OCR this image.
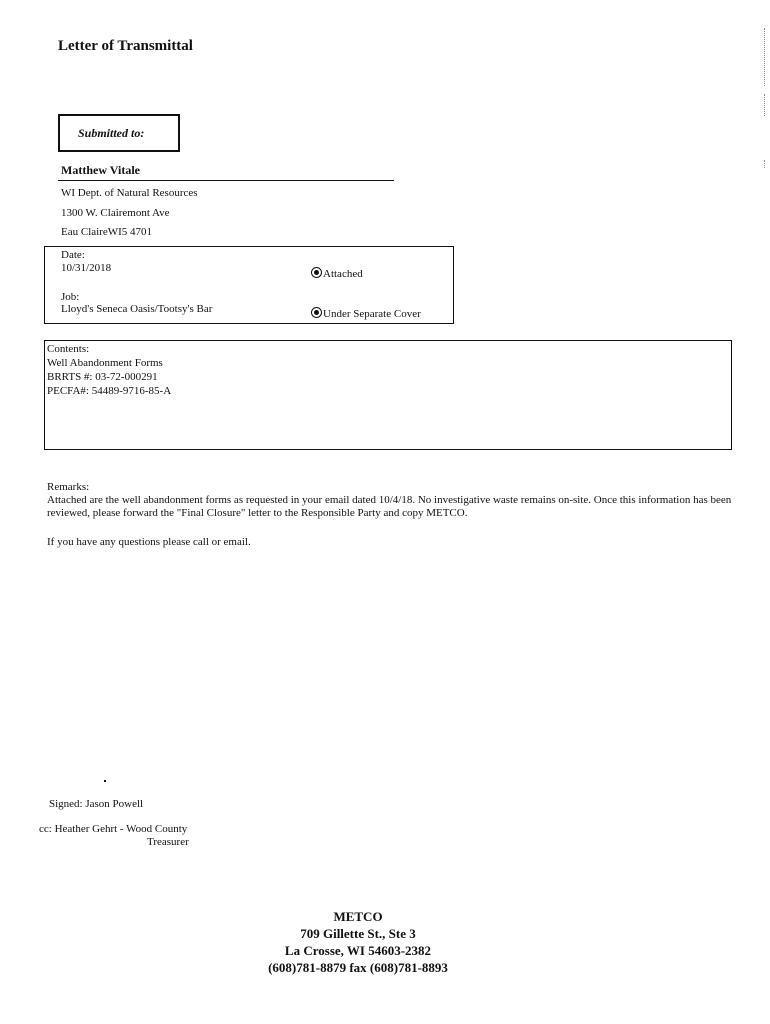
Letter of Transmittal
Submitted to:
Matthew Vitale
WI Dept. of Natural Resources
1300 W. Clairemont Ave
Eau ClaireWI5 4701
Date:
10/31/2018
Job:
Lloyd's Seneca Oasis/Tootsy's Bar
Attached
Under Separate Cover
Contents:
Well Abandonment Forms
BRRTS #: 03-72-000291
PECFA#: 54489-9716-85-A

Remarks:

Attached are the well abandonment forms as requested in your email dated 10/4/18. No investigative waste remains on-site. Once this information has been reviewed, please forward the "Final Closure" letter to the Responsible Party and copy METCO.

If you have any questions please call or email.

Signed: Jason Powell
cc: Heather Gehrt - Wood County
Treasurer
METCO
709 Gillette St., Ste 3
La Crosse, WI 54603-2382
(608)781-8879 fax (608)781-8893
